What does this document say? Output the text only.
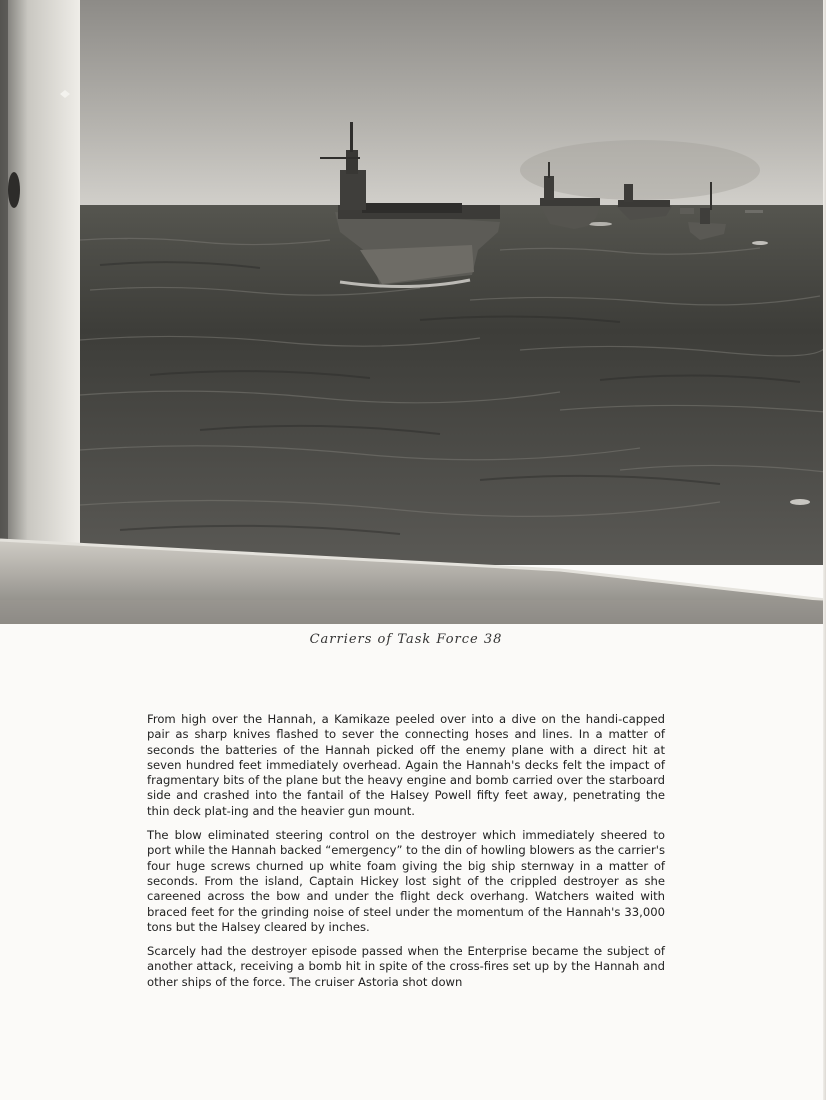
Carriers of Task Force 38

From high over the Hannah, a Kamikaze peeled over into a dive on the handi-capped pair as sharp knives flashed to sever the connecting hoses and lines. In a matter of seconds the batteries of the Hannah picked off the enemy plane with a direct hit at seven hundred feet immediately overhead. Again the Hannah's decks felt the impact of fragmentary bits of the plane but the heavy engine and bomb carried over the starboard side and crashed into the fantail of the Halsey Powell fifty feet away, penetrating the thin deck plat-ing and the heavier gun mount.

The blow eliminated steering control on the destroyer which immediately sheered to port while the Hannah backed “emergency” to the din of howling blowers as the carrier's four huge screws churned up white foam giving the big ship sternway in a matter of seconds. From the island, Captain Hickey lost sight of the crippled destroyer as she careened across the bow and under the flight deck overhang. Watchers waited with braced feet for the grinding noise of steel under the momentum of the Hannah's 33,000 tons but the Halsey cleared by inches.

Scarcely had the destroyer episode passed when the Enterprise became the subject of another attack, receiving a bomb hit in spite of the cross-fires set up by the Hannah and other ships of the force. The cruiser Astoria shot down
